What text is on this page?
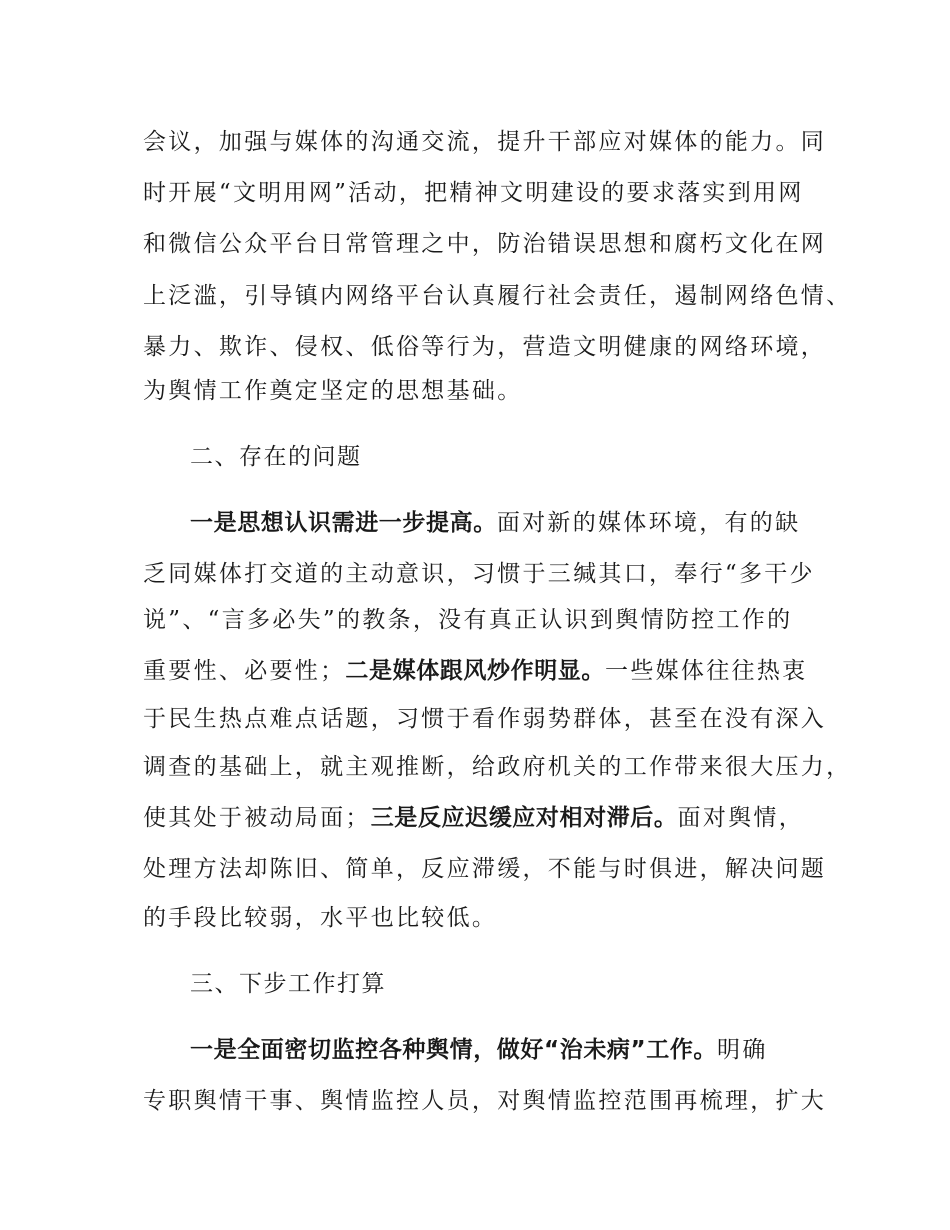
会议，加强与媒体的沟通交流，提升干部应对媒体的能力。同
时开展“文明用网”活动，把精神文明建设的要求落实到用网
和微信公众平台日常管理之中，防治错误思想和腐朽文化在网
上泛滥，引导镇内网络平台认真履行社会责任，遏制网络色情、
暴力、欺诈、侵权、低俗等行为，营造文明健康的网络环境，
为舆情工作奠定坚定的思想基础。
二、存在的问题
一是思想认识需进一步提高。面对新的媒体环境，有的缺
乏同媒体打交道的主动意识，习惯于三缄其口，奉行“多干少
说”、“言多必失”的教条，没有真正认识到舆情防控工作的
重要性、必要性；二是媒体跟风炒作明显。一些媒体往往热衷
于民生热点难点话题，习惯于看作弱势群体，甚至在没有深入
调查的基础上，就主观推断，给政府机关的工作带来很大压力，
使其处于被动局面；三是反应迟缓应对相对滞后。面对舆情，
处理方法却陈旧、简单，反应滞缓，不能与时俱进，解决问题
的手段比较弱，水平也比较低。
三、下步工作打算
一是全面密切监控各种舆情，做好“治未病”工作。明确
专职舆情干事、舆情监控人员，对舆情监控范围再梳理，扩大
